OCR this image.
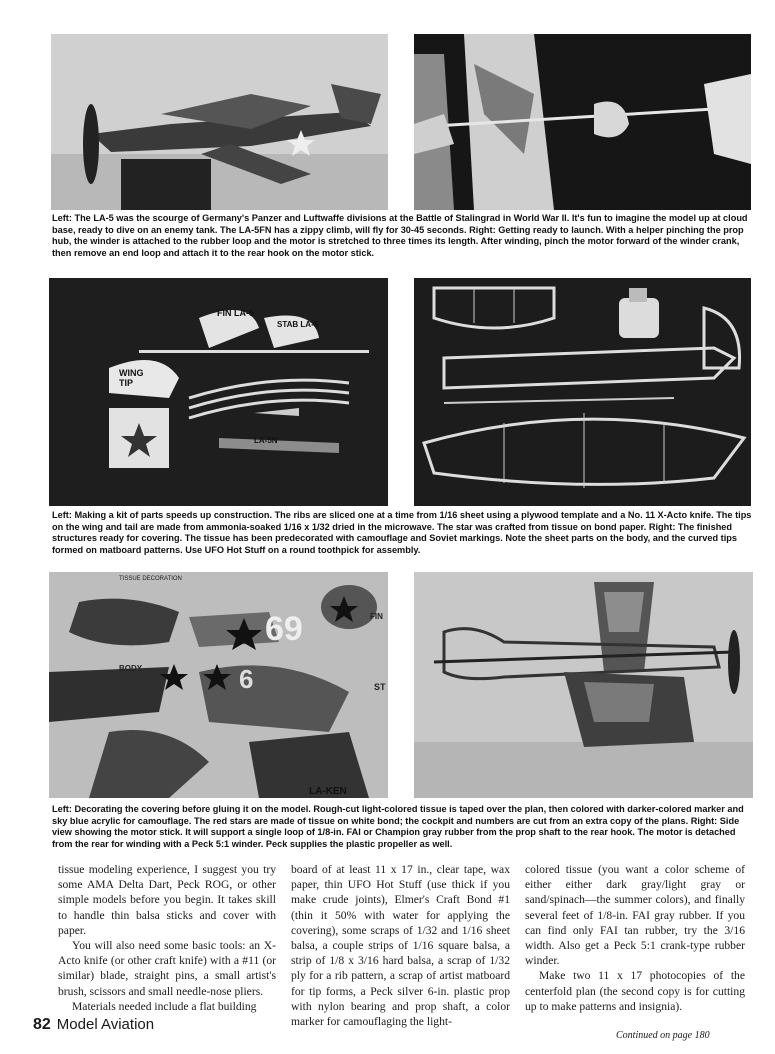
Left: The LA-5 was the scourge of Germany's Panzer and Luftwaffe divisions at the Battle of Stalingrad in World War II. It's fun to imagine the model up at cloud base, ready to dive on an enemy tank. The LA-5FN has a zippy climb, will fly for 30-45 seconds. Right: Getting ready to launch. With a helper pinching the prop hub, the winder is attached to the rubber loop and the motor is stretched to three times its length. After winding, pinch the motor forward of the winder crank, then remove an end loop and attach it to the rear hook on the motor stick.

FIN LA-5
STAB LA-5
WING TIP
LA-5N

Left: Making a kit of parts speeds up construction. The ribs are sliced one at a time from 1/16 sheet using a plywood template and a No. 11 X-Acto knife. The tips on the wing and tail are made from ammonia-soaked 1/16 x 1/32 dried in the microwave. The star was crafted from tissue on bond paper. Right: The finished structures ready for covering. The tissue has been predecorated with camouflage and Soviet markings. Note the sheet parts on the body, and the curved tips formed on matboard patterns. Use UFO Hot Stuff on a round toothpick for assembly.

TISSUE DECORATION
69
BODY
FIN
ST
6
LA-KEN

Left: Decorating the covering before gluing it on the model. Rough-cut light-colored tissue is taped over the plan, then colored with darker-colored marker and sky blue acrylic for camouflage. The red stars are made of tissue on white bond; the cockpit and numbers are cut from an extra copy of the plans. Right: Side view showing the motor stick. It will support a single loop of 1/8-in. FAI or Champion gray rubber from the prop shaft to the rear hook. The motor is detached from the rear for winding with a Peck 5:1 winder. Peck supplies the plastic propeller as well.

tissue modeling experience, I suggest you try some AMA Delta Dart, Peck ROG, or other simple models before you begin. It takes skill to handle thin balsa sticks and cover with paper.

You will also need some basic tools: an X-Acto knife (or other craft knife) with a #11 (or similar) blade, straight pins, a small artist's brush, scissors and small needle-nose pliers.

Materials needed include a flat building

board of at least 11 x 17 in., clear tape, wax paper, thin UFO Hot Stuff (use thick if you make crude joints), Elmer's Craft Bond #1 (thin it 50% with water for applying the covering), some scraps of 1/32 and 1/16 sheet balsa, a couple strips of 1/16 square balsa, a strip of 1/8 x 3/16 hard balsa, a scrap of 1/32 ply for a rib pattern, a scrap of artist matboard for tip forms, a Peck silver 6-in. plastic prop with nylon bearing and prop shaft, a color marker for camouflaging the light-

colored tissue (you want a color scheme of either either dark gray/light gray or sand/spinach—the summer colors), and finally several feet of 1/8-in. FAI gray rubber. If you can find only FAI tan rubber, try the 3/16 width. Also get a Peck 5:1 crank-type rubber winder.

Make two 11 x 17 photocopies of the centerfold plan (the second copy is for cutting up to make patterns and insignia).

Continued on page 180
82 Model Aviation
